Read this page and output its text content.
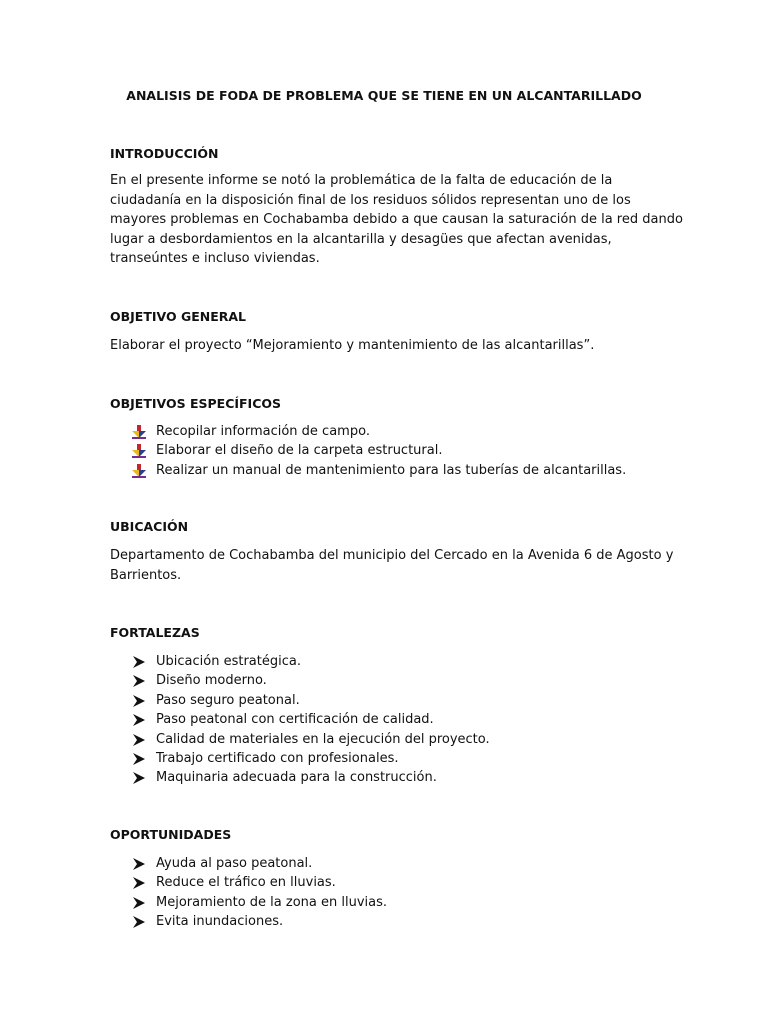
ANALISIS DE FODA DE PROBLEMA QUE SE TIENE EN UN ALCANTARILLADO
INTRODUCCIÓN

En el presente informe se notó la problemática de la falta de educación de la
ciudadanía en la disposición final de los residuos sólidos representan uno de los
mayores problemas en Cochabamba debido a que causan la saturación de la red dando
lugar a desbordamientos en la alcantarilla y desagües que afectan avenidas,
transeúntes e incluso viviendas.

OBJETIVO GENERAL

Elaborar el proyecto “Mejoramiento y mantenimiento de las alcantarillas”.

OBJETIVOS ESPECÍFICOS
Recopilar información de campo.
Elaborar el diseño de la carpeta estructural.
Realizar un manual de mantenimiento para las tuberías de alcantarillas.
UBICACIÓN

Departamento de Cochabamba del municipio del Cercado en la Avenida 6 de Agosto y
Barrientos.

FORTALEZAS
Ubicación estratégica.
Diseño moderno.
Paso seguro peatonal.
Paso peatonal con certificación de calidad.
Calidad de materiales en la ejecución del proyecto.
Trabajo certificado con profesionales.
Maquinaria adecuada para la construcción.
OPORTUNIDADES
Ayuda al paso peatonal.
Reduce el tráfico en lluvias.
Mejoramiento de la zona en lluvias.
Evita inundaciones.
